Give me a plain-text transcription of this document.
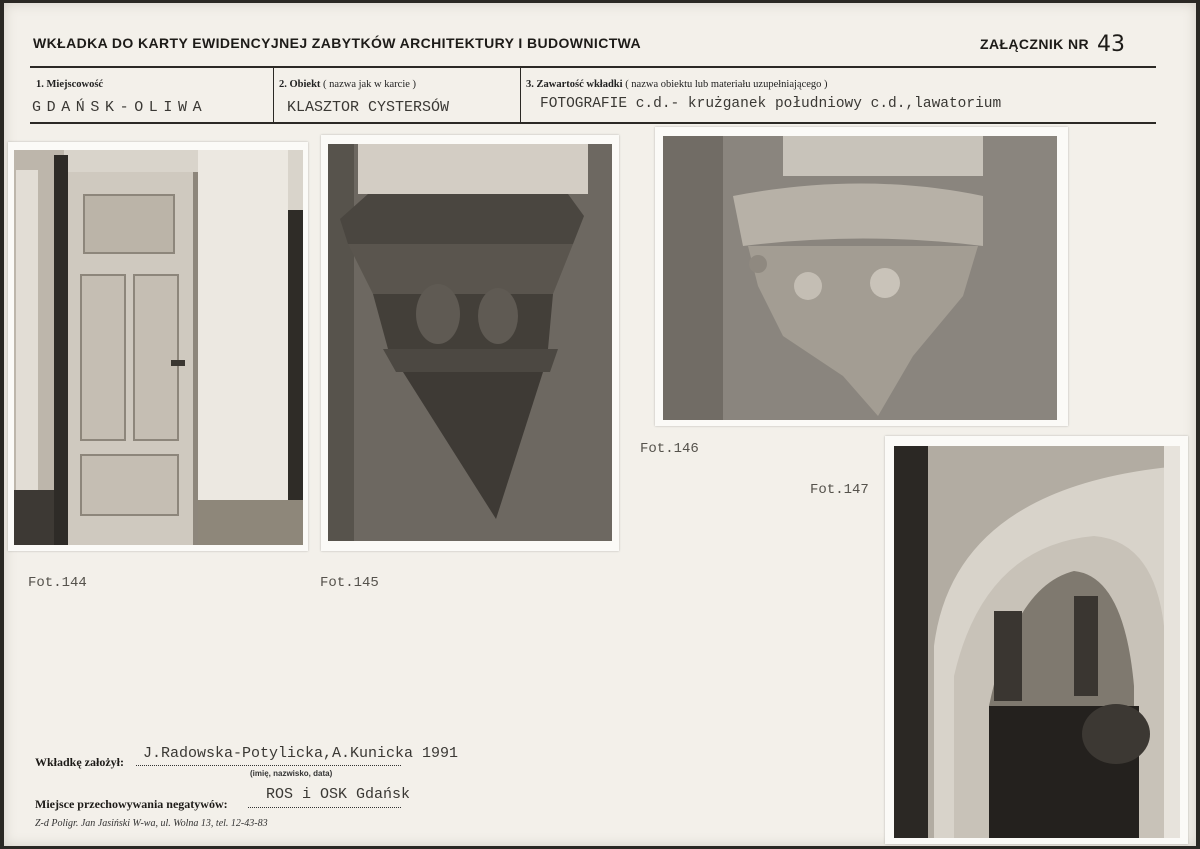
WKŁADKA DO KARTY EWIDENCYJNEJ ZABYTKÓW ARCHITEKTURY I BUDOWNICTWA	ZAŁĄCZNIK NR 43
1. Miejscowość	2. Obiekt ( nazwa jak w karcie )	3. Zawartość wkładki ( nazwa obiektu lub materiału uzupełniającego )
GDAŃSK-OLIWA	KLASZTOR CYSTERSÓW	FOTOGRAFIE c.d.- krużganek południowy c.d.,lawatorium
Fot.144	Fot.145
Fot.146
Fot.147
Wkładkę założył: J.Radowska-Potylicka,A.Kunicka 1991
(imię, nazwisko, data)
Miejsce przechowywania negatywów:
ROS i OSK Gdańsk
Z-d Poligr. Jan Jasiński W-wa, ul. Wolna 13, tel. 12-43-83
